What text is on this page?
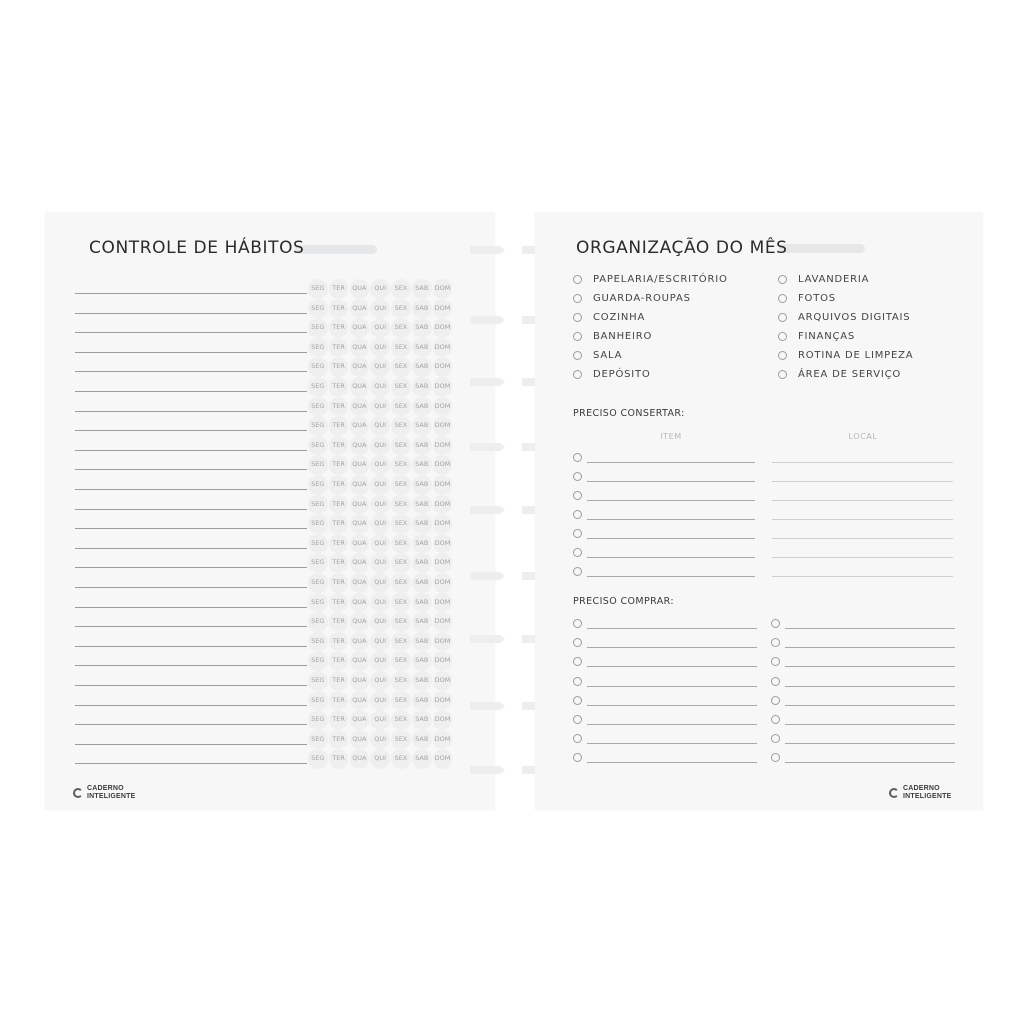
CONTROLE DE HÁBITOS
SEG	TER	QUA	QUI	SEX	SAB DOM
SEG	TER	QUA	QUI	SEX	SAB DOM
SEG	TER	QUA	QUI	SEX	SAB DOM
SEG	TER	QUA	QUI	SEX	SAB DOM
SEG	TER	QUA	QUI	SEX	SAB DOM
SEG	TER	QUA	QUI	SEX	SAB DOM
SEG	TER	QUA	QUI	SEX	SAB DOM
SEG	TER	QUA	QUI	SEX	SAB DOM
SEG	TER	QUA	QUI	SEX	SAB DOM
SEG	TER	QUA	QUI	SEX	SAB DOM
SEG	TER	QUA	QUI	SEX	SAB DOM
SEG	TER	QUA	QUI	SEX	SAB DOM
SEG	TER	QUA	QUI	SEX	SAB DOM
SEG	TER	QUA	QUI	SEX	SAB DOM
SEG	TER	QUA	QUI	SEX	SAB DOM
SEG	TER	QUA	QUI	SEX	SAB DOM
SEG	TER	QUA	QUI	SEX	SAB DOM
SEG	TER	QUA	QUI	SEX	SAB DOM
SEG	TER	QUA	QUI	SEX	SAB DOM
SEG	TER	QUA	QUI	SEX	SAB DOM
SEG	TER	QUA	QUI	SEX	SAB DOM
SEG	TER	QUA	QUI	SEX	SAB DOM
SEG	TER	QUA	QUI	SEX	SAB DOM
SEG	TER	QUA	QUI	SEX	SAB DOM
SEG	TER	QUA	QUI	SEX	SAB DOM
CADERNO
INTELIGENTE
ORGANIZAÇÃO DO MÊS
PAPELARIA/ESCRITÓRIO
GUARDA-ROUPAS
COZINHA
BANHEIRO
SALA
DEPÓSITO
LAVANDERIA
FOTOS
ARQUIVOS DIGITAIS
FINANÇAS
ROTINA DE LIMPEZA
ÁREA DE SERVIÇO
PRECISO CONSERTAR:
ITEM	LOCAL
PRECISO COMPRAR:
CADERNO
INTELIGENTE
